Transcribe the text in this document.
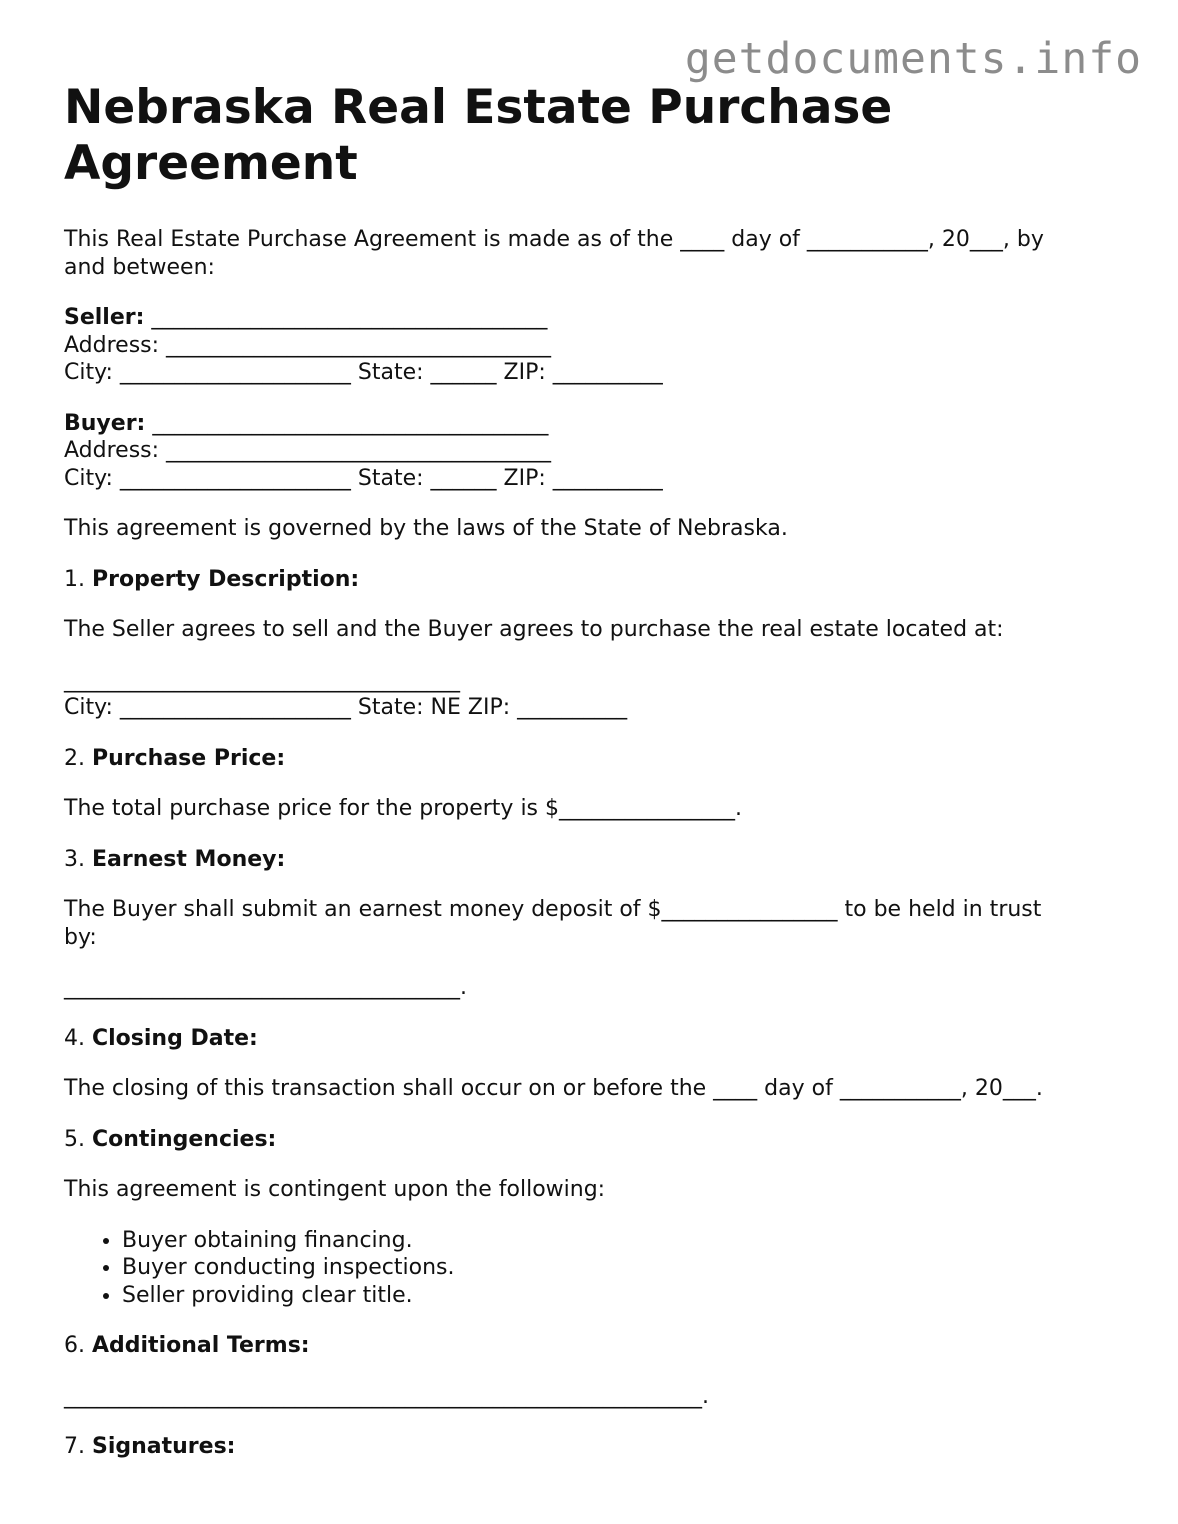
getdocuments.info
Nebraska Real Estate Purchase
Agreement

This Real Estate Purchase Agreement is made as of the ____ day of ___________, 20___, by
and between:

Seller: ____________________________________
Address: ___________________________________
City: _____________________ State: ______ ZIP: __________
Buyer: ____________________________________
Address: ___________________________________
City: _____________________ State: ______ ZIP: __________

This agreement is governed by the laws of the State of Nebraska.

1. Property Description:

The Seller agrees to sell and the Buyer agrees to purchase the real estate located at:

____________________________________

City: _____________________ State: NE ZIP: __________

2. Purchase Price:

The total purchase price for the property is $________________.

3. Earnest Money:

The Buyer shall submit an earnest money deposit of $________________ to be held in trust
by:

____________________________________.

4. Closing Date:

The closing of this transaction shall occur on or before the ____ day of ___________, 20___.

5. Contingencies:

This agreement is contingent upon the following:

• Buyer obtaining financing.
• Buyer conducting inspections.
• Seller providing clear title.

6. Additional Terms:

__________________________________________________________.

7. Signatures:
